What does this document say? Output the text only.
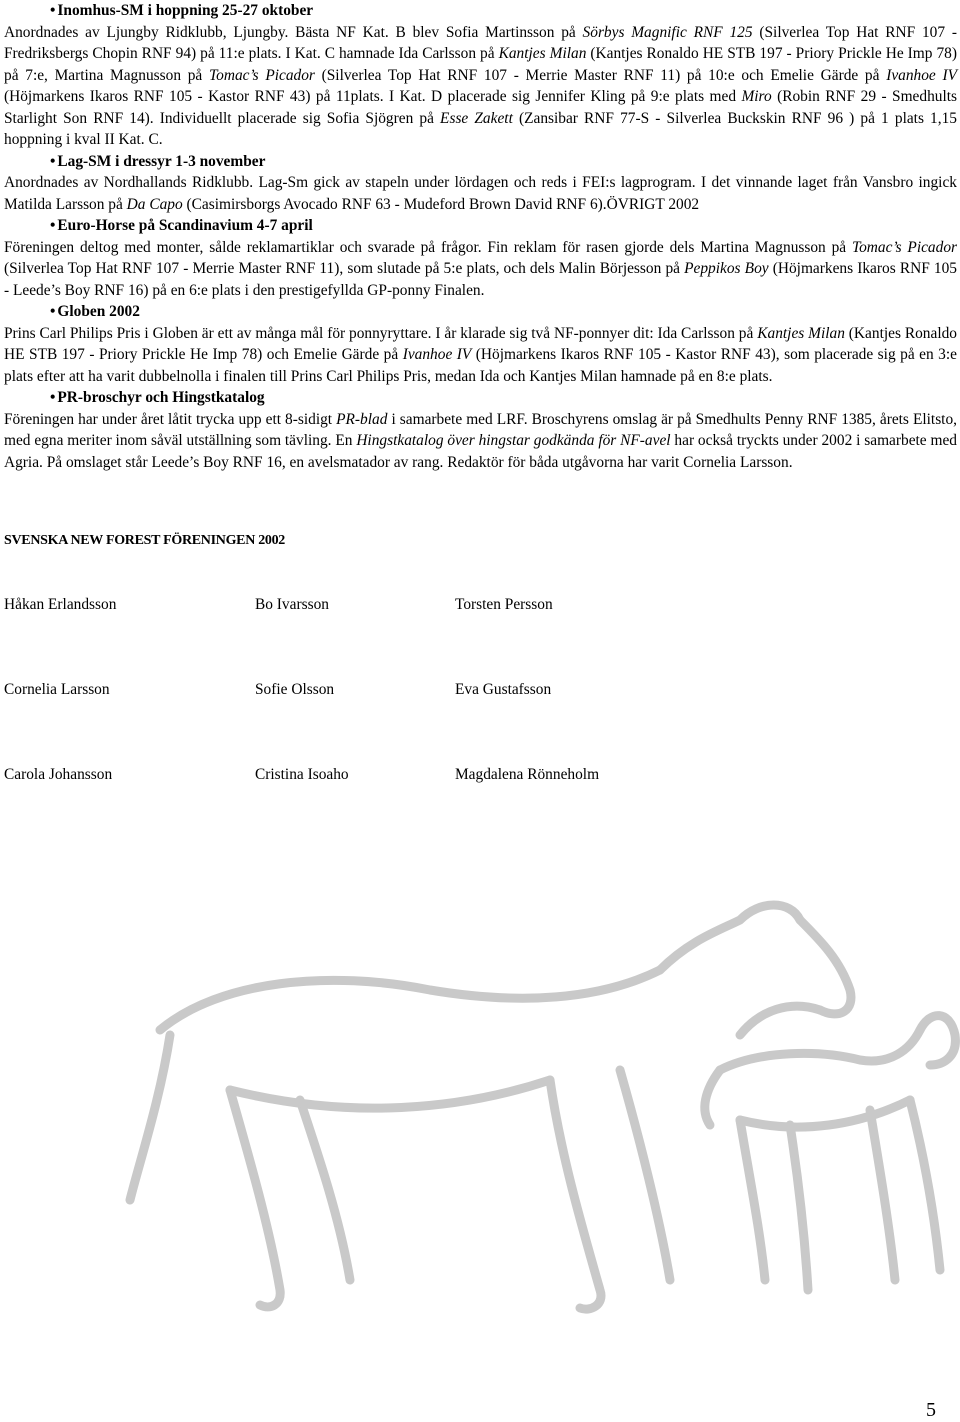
• Inomhus-SM i hoppning 25-27 oktober

Anordnades av Ljungby Ridklubb, Ljungby. Bästa NF Kat. B blev Sofia Martinsson på Sörbys Magnific RNF 125 (Silverlea Top Hat RNF 107 - Fredriksbergs Chopin RNF 94) på 11:e plats. I Kat. C hamnade Ida Carlsson på Kantjes Milan (Kantjes Ronaldo HE STB 197 - Priory Prickle He Imp 78) på 7:e, Martina Magnusson på Tomac’s Picador (Silverlea Top Hat RNF 107 - Merrie Master RNF 11) på 10:e och Emelie Gärde på Ivanhoe IV (Höjmarkens Ikaros RNF 105 - Kastor RNF 43) på 11plats. I Kat. D placerade sig Jennifer Kling på 9:e plats med Miro (Robin RNF 29 - Smedhults Starlight Son RNF 14). Individuellt placerade sig Sofia Sjögren på Esse Zakett (Zansibar RNF 77-S - Silverlea Buckskin RNF 96 ) på 1 plats 1,15 hoppning i kval II Kat. C.

• Lag-SM i dressyr 1-3 november

Anordnades av Nordhallands Ridklubb. Lag-Sm gick av stapeln under lördagen och reds i FEI:s lagprogram. I det vinnande laget från Vansbro ingick Matilda Larsson på Da Capo (Casimirsborgs Avocado RNF 63 - Mudeford Brown David RNF 6).ÖVRIGT 2002

• Euro-Horse på Scandinavium 4-7 april

Föreningen deltog med monter, sålde reklamartiklar och svarade på frågor. Fin reklam för rasen gjorde dels Martina Magnusson på Tomac’s Picador (Silverlea Top Hat RNF 107 - Merrie Master RNF 11), som slutade på 5:e plats, och dels Malin Börjesson på Peppikos Boy (Höjmarkens Ikaros RNF 105 - Leede’s Boy RNF 16) på en 6:e plats i den prestigefyllda GP-ponny Finalen.

• Globen 2002

Prins Carl Philips Pris i Globen är ett av många mål för ponnyryttare. I år klarade sig två NF-ponnyer dit: Ida Carlsson på Kantjes Milan (Kantjes Ronaldo HE STB 197 - Priory Prickle He Imp 78) och Emelie Gärde på Ivanhoe IV (Höjmarkens Ikaros RNF 105 - Kastor RNF 43), som placerade sig på en 3:e plats efter att ha varit dubbelnolla i finalen till Prins Carl Philips Pris, medan Ida och Kantjes Milan hamnade på en 8:e plats.

• PR-broschyr och Hingstkatalog

Föreningen har under året låtit trycka upp ett 8-sidigt PR-blad i samarbete med LRF. Broschyrens omslag är på Smedhults Penny RNF 1385, årets Elitsto, med egna meriter inom såväl utställning som tävling. En Hingstkatalog över hingstar godkända för NF-avel har också tryckts under 2002 i samarbete med Agria. På omslaget står Leede’s Boy RNF 16, en avelsmatador av rang. Redaktör för båda utgåvorna har varit Cornelia Larsson.

SVENSKA NEW FOREST FÖRENINGEN 2002
Håkan Erlandsson	Bo Ivarsson	Torsten Persson
Cornelia Larsson	Sofie Olsson	Eva Gustafsson
Carola Johansson	Cristina Isoaho	Magdalena Rönneholm
5
